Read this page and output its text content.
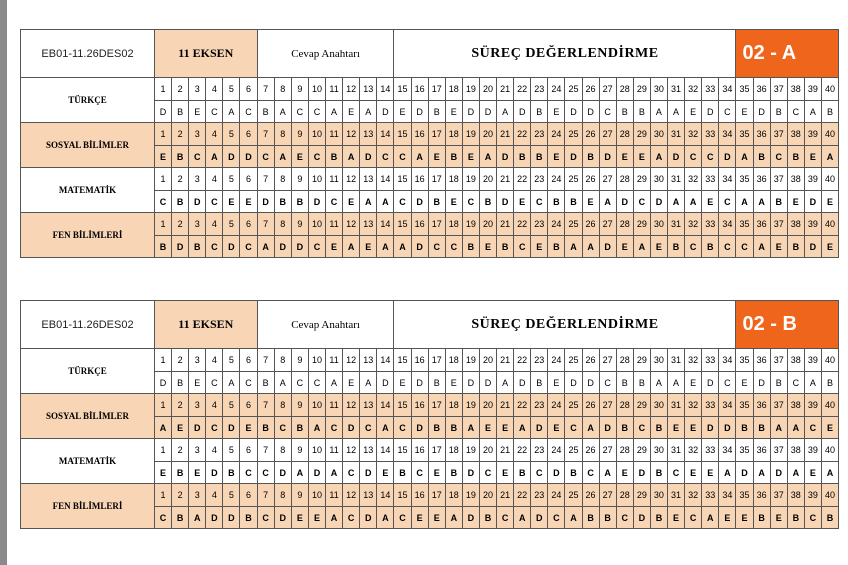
EB01-11.26DES02	11 EKSEN						Cevap Anahtarı								SÜREÇ DEĞERLENDİRME																				02 - A					
TÜRKÇE	1	2	3	4	5	6	7	8	9	10	11	12	13	14	15	16	17	18	19	20	21	22	23	24	25	26	27	28	29	30	31	32	33	34	35	36	37	38	39	40
	D	B	E	C	A	C	B	A	C	C	A	E	A	D	E	D	B	E	D	D	A	D	B	E	D	D	C	B	B	A	A	E	D	C	E	D	B	C	A	B
SOSYAL BİLİMLER	1	2	3	4	5	6	7	8	9	10	11	12	13	14	15	16	17	18	19	20	21	22	23	24	25	26	27	28	29	30	31	32	33	34	35	36	37	38	39	40
	E	B	C	A	D	D	C	A	E	C	B	A	D	C	C	A	E	B	E	A	D	B	B	E	D	B	D	E	E	A	D	C	C	D	A	B	C	B	E	A
MATEMATİK	1	2	3	4	5	6	7	8	9	10	11	12	13	14	15	16	17	18	19	20	21	22	23	24	25	26	27	28	29	30	31	32	33	34	35	36	37	38	39	40
	C	B	D	C	E	E	D	B	B	D	C	E	A	A	C	D	B	E	C	B	D	E	C	B	B	E	A	D	C	D	A	A	E	C	A	A	B	E	D	E
FEN BİLİMLERİ	1	2	3	4	5	6	7	8	9	10	11	12	13	14	15	16	17	18	19	20	21	22	23	24	25	26	27	28	29	30	31	32	33	34	35	36	37	38	39	40
	B	D	B	C	D	C	A	D	D	C	E	A	E	A	A	D	C	C	B	E	B	C	E	B	A	A	D	E	A	E	B	C	B	C	C	A	E	B	D	E
EB01-11.26DES02	11 EKSEN						Cevap Anahtarı								SÜREÇ DEĞERLENDİRME																				02 - B					
TÜRKÇE	1	2	3	4	5	6	7	8	9	10	11	12	13	14	15	16	17	18	19	20	21	22	23	24	25	26	27	28	29	30	31	32	33	34	35	36	37	38	39	40
	D	B	E	C	A	C	B	A	C	C	A	E	A	D	E	D	B	E	D	D	A	D	B	E	D	D	C	B	B	A	A	E	D	C	E	D	B	C	A	B
SOSYAL BİLİMLER	1	2	3	4	5	6	7	8	9	10	11	12	13	14	15	16	17	18	19	20	21	22	23	24	25	26	27	28	29	30	31	32	33	34	35	36	37	38	39	40
	A	E	D	C	D	E	B	C	B	A	C	D	C	A	C	D	B	B	A	E	E	A	D	E	C	A	D	B	C	B	E	E	D	D	B	B	A	A	C	E
MATEMATİK	1	2	3	4	5	6	7	8	9	10	11	12	13	14	15	16	17	18	19	20	21	22	23	24	25	26	27	28	29	30	31	32	33	34	35	36	37	38	39	40
	E	B	E	D	B	C	C	D	A	D	A	C	D	E	B	C	E	B	D	C	E	B	C	D	B	C	A	E	D	B	C	E	E	A	D	A	D	A	E	A
FEN BİLİMLERİ	1	2	3	4	5	6	7	8	9	10	11	12	13	14	15	16	17	18	19	20	21	22	23	24	25	26	27	28	29	30	31	32	33	34	35	36	37	38	39	40
	C	B	A	D	D	B	C	D	E	E	A	C	D	A	C	E	E	A	D	B	C	A	D	C	A	B	B	C	D	B	E	C	A	E	E	B	E	B	C	B
